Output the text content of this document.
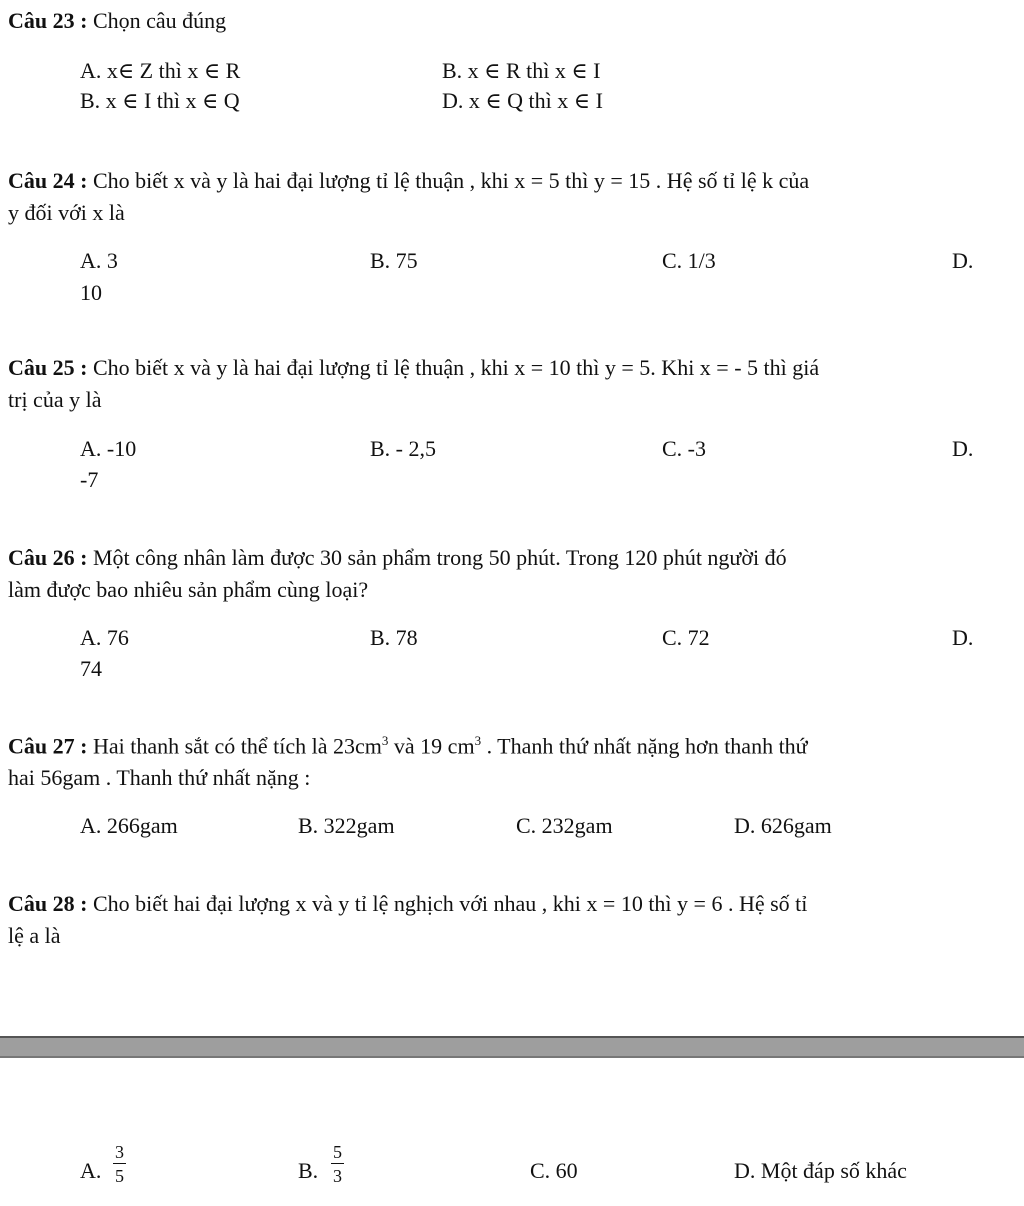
Câu 23 : Chọn câu đúng
A. x∈ Z thì x ∈ R	B. x ∈ R thì x ∈ I
B. x ∈ I thì x ∈ Q	D. x ∈ Q thì x ∈ I
Câu 24 : Cho biết x và y là hai đại lượng tỉ lệ thuận , khi x = 5 thì y = 15 . Hệ số tỉ lệ k của
y đối với x là
A. 3	B. 75	C. 1/3	D.
10
Câu 25 : Cho biết x và y là hai đại lượng tỉ lệ thuận , khi x = 10 thì y = 5. Khi x = - 5 thì giá
trị của y là
A. -10	B. - 2,5	C. -3	D.
-7
Câu 26 : Một công nhân làm được 30 sản phẩm trong 50 phút. Trong 120 phút người đó
làm được bao nhiêu sản phẩm cùng loại?
A. 76	B. 78	C. 72	D.
74
Câu 27 : Hai thanh sắt có thể tích là $23cm^3$ và 19 $cm^3$ . Thanh thứ nhất nặng hơn thanh thứ
hai 56gam . Thanh thứ nhất nặng :
A. 266gam	B. 322gam	C. 232gam	D. 626gam
Câu 28 : Cho biết hai đại lượng x và y tỉ lệ nghịch với nhau , khi x = 10 thì y = 6 . Hệ số tỉ
lệ a là
A. $\frac{3}{5}$	B. $\frac{5}{3}$	C. 60	D. Một đáp số khác
